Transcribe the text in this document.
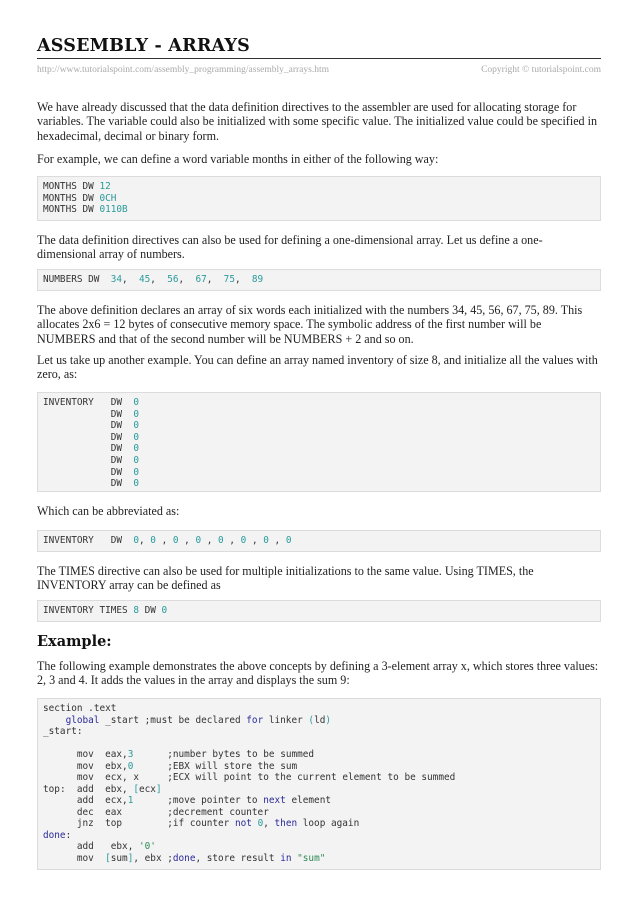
ASSEMBLY - ARRAYS
http://www.tutorialspoint.com/assembly_programming/assembly_arrays.htm	Copyright © tutorialspoint.com

We have already discussed that the data definition directives to the assembler are used for allocating storage for variables. The variable could also be initialized with some specific value. The initialized value could be specified in hexadecimal, decimal or binary form.

For example, we can define a word variable months in either of the following way:

MONTHS DW 12
MONTHS DW 0CH
MONTHS DW 0110B

The data definition directives can also be used for defining a one-dimensional array. Let us define a one-dimensional array of numbers.

NUMBERS DW  34,  45,  56,  67,  75,  89

The above definition declares an array of six words each initialized with the numbers 34, 45, 56, 67, 75, 89. This allocates 2x6 = 12 bytes of consecutive memory space. The symbolic address of the first number will be NUMBERS and that of the second number will be NUMBERS + 2 and so on.

Let us take up another example. You can define an array named inventory of size 8, and initialize all the values with zero, as:

INVENTORY   DW  0
DW  0
DW  0
DW  0
DW  0
DW  0
DW  0
DW  0

Which can be abbreviated as:

INVENTORY   DW  0, 0 , 0 , 0 , 0 , 0 , 0 , 0

The TIMES directive can also be used for multiple initializations to the same value. Using TIMES, the INVENTORY array can be defined as

INVENTORY TIMES 8 DW 0
Example:

The following example demonstrates the above concepts by defining a 3-element array x, which stores three values: 2, 3 and 4. It adds the values in the array and displays the sum 9:

section .text
global _start ;must be declared for linker (ld)
_start:

mov eax,3      ;number bytes to be summed
mov ebx,0      ;EBX will store the sum
mov ecx, x     ;ECX will point to the current element to be summed
top:  add ebx, [ecx]
add ecx,1      ;move pointer to next element
dec eax        ;decrement counter
jnz top        ;if counter not 0, then loop again
done:
add ebx, '0'
mov [sum], ebx ;done, store result in "sum"
